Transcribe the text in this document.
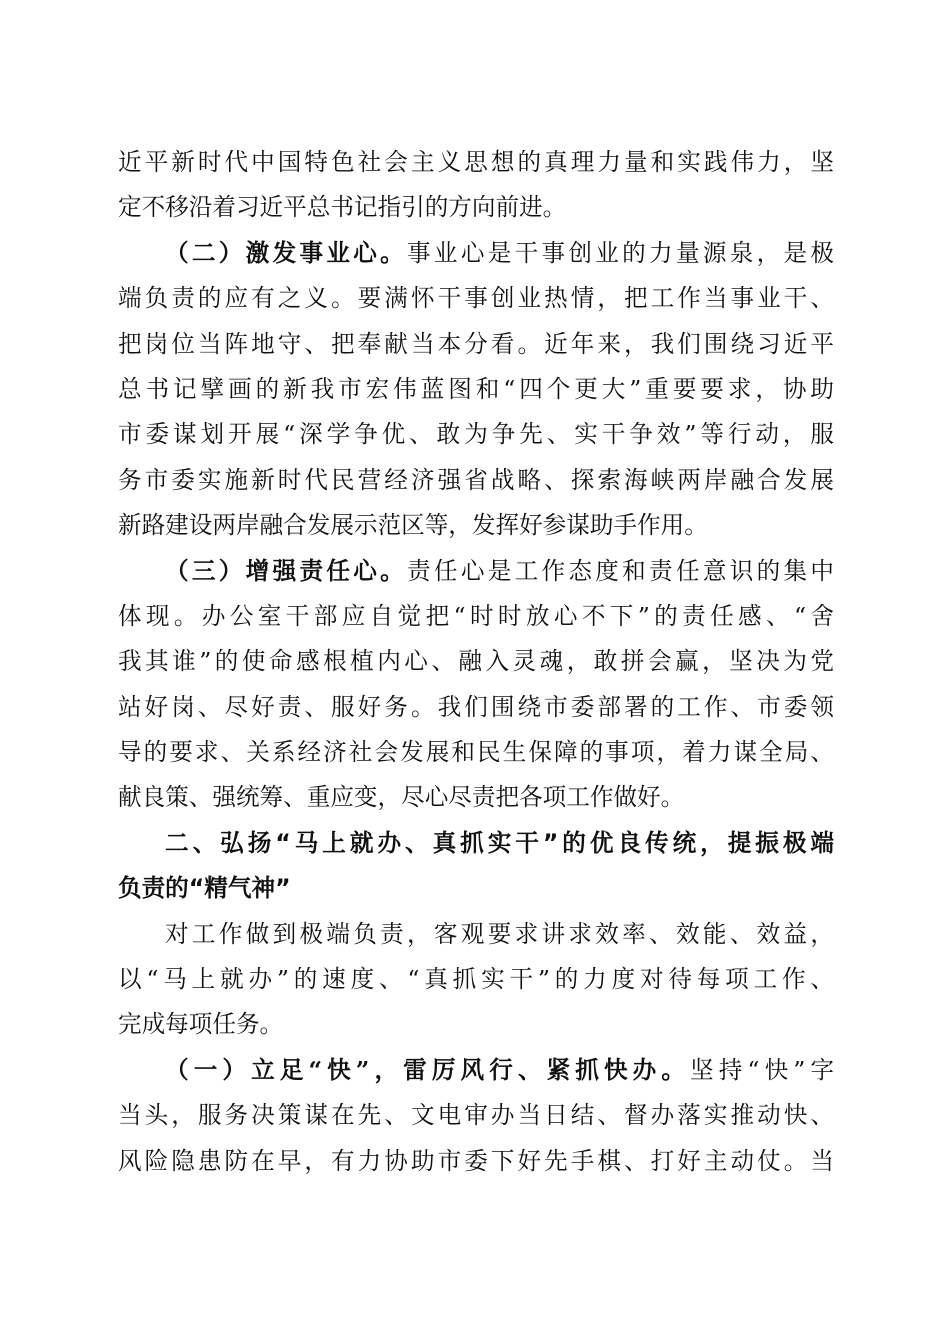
近平新时代中国特色社会主义思想的真理力量和实践伟力，坚
定不移沿着习近平总书记指引的方向前进。
（二）激发事业心。事业心是干事创业的力量源泉，是极
端负责的应有之义。要满怀干事创业热情，把工作当事业干、
把岗位当阵地守、把奉献当本分看。近年来，我们围绕习近平
总书记擘画的新我市宏伟蓝图和“四个更大”重要要求，协助
市委谋划开展“深学争优、敢为争先、实干争效”等行动，服
务市委实施新时代民营经济强省战略、探索海峡两岸融合发展
新路建设两岸融合发展示范区等，发挥好参谋助手作用。
（三）增强责任心。责任心是工作态度和责任意识的集中
体现。办公室干部应自觉把“时时放心不下”的责任感、“舍
我其谁”的使命感根植内心、融入灵魂，敢拼会赢，坚决为党
站好岗、尽好责、服好务。我们围绕市委部署的工作、市委领
导的要求、关系经济社会发展和民生保障的事项，着力谋全局、
献良策、强统筹、重应变，尽心尽责把各项工作做好。
二、弘扬“马上就办、真抓实干”的优良传统，提振极端
负责的“精气神”
对工作做到极端负责，客观要求讲求效率、效能、效益，
以“马上就办”的速度、“真抓实干”的力度对待每项工作、
完成每项任务。
（一）立足“快”，雷厉风行、紧抓快办。坚持“快”字
当头，服务决策谋在先、文电审办当日结、督办落实推动快、
风险隐患防在早，有力协助市委下好先手棋、打好主动仗。当
